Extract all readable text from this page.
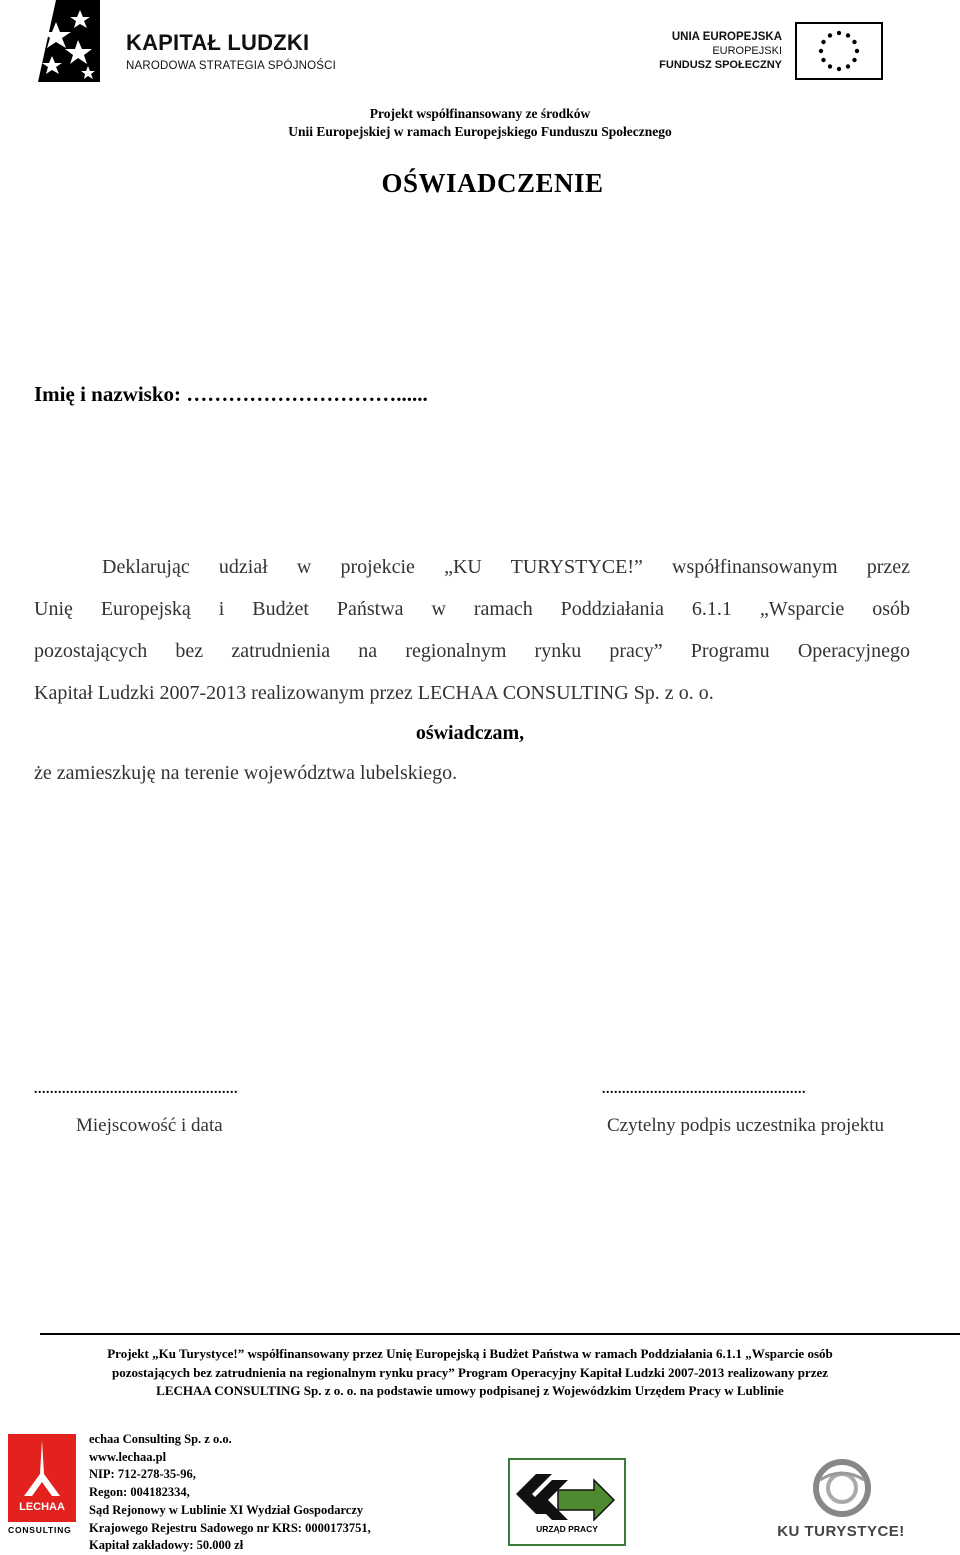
KAPITAŁ LUDZKI
NARODOWA STRATEGIA SPÓJNOŚCI
UNIA EUROPEJSKA
EUROPEJSKI
FUNDUSZ SPOŁECZNY
Projekt współfinansowany ze środków
Unii Europejskiej w ramach Europejskiego Funduszu Społecznego
OŚWIADCZENIE
Imię i nazwisko: …………………………......
Deklarując udział w projekcie „KU TURYSTYCE!” współfinansowanym przez
Unię Europejską i Budżet Państwa w ramach Poddziałania 6.1.1 „Wsparcie osób
pozostających bez zatrudnienia na regionalnym rynku pracy” Programu Operacyjnego
Kapitał Ludzki 2007-2013 realizowanym przez LECHAA CONSULTING Sp. z o. o.
oświadczam,
że zamieszkuję na terenie województwa lubelskiego.
...................................................
Miejscowość i data
...................................................
Czytelny podpis uczestnika projektu
Projekt „Ku Turystyce!” współfinansowany przez Unię Europejską i Budżet Państwa w ramach Poddziałania 6.1.1 „Wsparcie osób
pozostających bez zatrudnienia na regionalnym rynku pracy” Program Operacyjny Kapitał Ludzki 2007-2013 realizowany przez
LECHAA CONSULTING Sp. z o. o. na podstawie umowy podpisanej z Wojewódzkim Urzędem Pracy w Lublinie
LECHAA
CONSULTING
echaa Consulting Sp. z o.o.
www.lechaa.pl
NIP: 712-278-35-96,
Regon: 004182334,
Sąd Rejonowy w Lublinie XI Wydział Gospodarczy
Krajowego Rejestru Sadowego nr KRS: 0000173751,
Kapitał zakładowy: 50.000 zł
URZĄD PRACY	KU TURYSTYCE!
